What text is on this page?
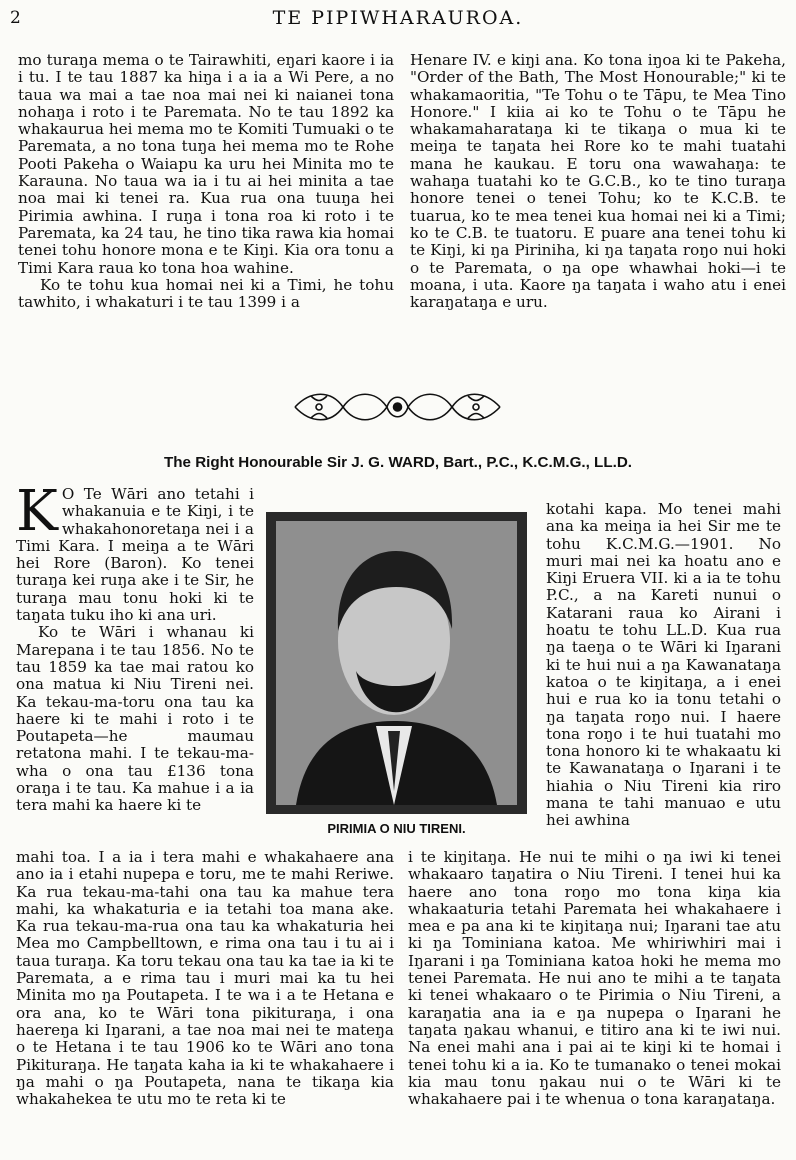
2	TE PIPIWHARAUROA.

mo turaŋa mema o te Tairawhiti, eŋari kaore i ia i tu. I te tau 1887 ka hiŋa i a ia a Wi Pere, a no taua wa mai a tae noa mai nei ki naianei tona nohaŋa i roto i te Paremata. No te tau 1892 ka whakaurua hei mema mo te Komiti Tumuaki o te Paremata, a no tona tuŋa hei mema mo te Rohe Pooti Pakeha o Waiapu ka uru hei Minita mo te Karauna. No taua wa ia i tu ai hei minita a tae noa mai ki tenei ra. Kua rua ona tuuŋa hei Pirimia awhina. I ruŋa i tona roa ki roto i te Paremata, ka 24 tau, he tino tika rawa kia homai tenei tohu honore mona e te Kiŋi. Kia ora tonu a Timi Kara raua ko tona hoa wahine.

Ko te tohu kua homai nei ki a Timi, he tohu tawhito, i whakaturi i te tau 1399 i a

Henare IV. e kiŋi ana. Ko tona iŋoa ki te Pakeha, "Order of the Bath, The Most Honourable;" ki te whakamaoritia, "Te Tohu o te Tāpu, te Mea Tino Honore." I kiia ai ko te Tohu o te Tāpu he whakamaharataŋa ki te tikaŋa o mua ki te meiŋa te taŋata hei Rore ko te mahi tuatahi mana he kaukau. E toru ona wawahaŋa: te wahaŋa tuatahi ko te G.C.B., ko te tino turaŋa honore tenei o tenei Tohu; ko te K.C.B. te tuarua, ko te mea tenei kua homai nei ki a Timi; ko te C.B. te tuatoru. E puare ana tenei tohu ki te Kiŋi, ki ŋa Piriniha, ki ŋa taŋata roŋo nui hoki o te Paremata, o ŋa ope whawhai hoki—i te moana, i uta. Kaore ŋa taŋata i waho atu i enei karaŋataŋa e uru.

The Right Honourable Sir J. G. WARD, Bart., P.C., K.C.M.G., LL.D.

K O Te Wāri ano tetahi i whakanuia e te Kiŋi, i te whakahonoretaŋa nei i a Timi Kara. I meiŋa a te Wāri hei Rore (Baron). Ko tenei turaŋa kei ruŋa ake i te Sir, he turaŋa mau tonu hoki ki te taŋata tuku iho ki ana uri.

Ko te Wāri i whanau ki Marepana i te tau 1856. No te tau 1859 ka tae mai ratou ko ona matua ki Niu Tireni nei. Ka tekau-ma-toru ona tau ka haere ki te mahi i roto i te Poutapeta—he maumau retatona mahi. I te tekau-ma-wha o ona tau £136 tona oraŋa i te tau. Ka mahue i a ia tera mahi ka haere ki te

PIRIMIA O NIU TIRENI.

kotahi kapa. Mo tenei mahi ana ka meiŋa ia hei Sir me te tohu K.C.M.G.—1901. No muri mai nei ka hoatu ano e Kiŋi Eruera VII. ki a ia te tohu P.C., a na Kareti nunui o Katarani raua ko Airani i hoatu te tohu LL.D. Kua rua ŋa taeŋa o te Wāri ki Iŋarani ki te hui nui a ŋa Kawanataŋa katoa o te kiŋitaŋa, a i enei hui e rua ko ia tonu tetahi o ŋa taŋata roŋo nui. I haere tona roŋo i te hui tuatahi mo tona honoro ki te whakaatu ki te Kawanataŋa o Iŋarani i te hiahia o Niu Tireni kia riro mana te tahi manuao e utu hei awhina

mahi toa. I a ia i tera mahi e whakahaere ana ano ia i etahi nupepa e toru, me te mahi Reriwe. Ka rua tekau-ma-tahi ona tau ka mahue tera mahi, ka whakaturia e ia tetahi toa mana ake. Ka rua tekau-ma-rua ona tau ka whakaturia hei Mea mo Campbelltown, e rima ona tau i tu ai i taua turaŋa. Ka toru tekau ona tau ka tae ia ki te Paremata, a e rima tau i muri mai ka tu hei Minita mo ŋa Poutapeta. I te wa i a te Hetana e ora ana, ko te Wāri tona pikituraŋa, i ona haereŋa ki Iŋarani, a tae noa mai nei te mateŋa o te Hetana i te tau 1906 ko te Wāri ano tona Pikituraŋa. He taŋata kaha ia ki te whakahaere i ŋa mahi o ŋa Poutapeta, nana te tikaŋa kia whakahekea te utu mo te reta ki te

i te kiŋitaŋa. He nui te mihi o ŋa iwi ki tenei whakaaro taŋatira o Niu Tireni. I tenei hui ka haere ano tona roŋo mo tona kiŋa kia whakaaturia tetahi Paremata hei whakahaere i mea e pa ana ki te kiŋitaŋa nui; Iŋarani tae atu ki ŋa Tominiana katoa. Me whiriwhiri mai i Iŋarani i ŋa Tominiana katoa hoki he mema mo tenei Paremata. He nui ano te mihi a te taŋata ki tenei whakaaro o te Pirimia o Niu Tireni, a karaŋatia ana ia e ŋa nupepa o Iŋarani he taŋata ŋakau whanui, e titiro ana ki te iwi nui. Na enei mahi ana i pai ai te kiŋi ki te homai i tenei tohu ki a ia. Ko te tumanako o tenei mokai kia mau tonu ŋakau nui o te Wāri ki te whakahaere pai i te whenua o tona karaŋataŋa.
